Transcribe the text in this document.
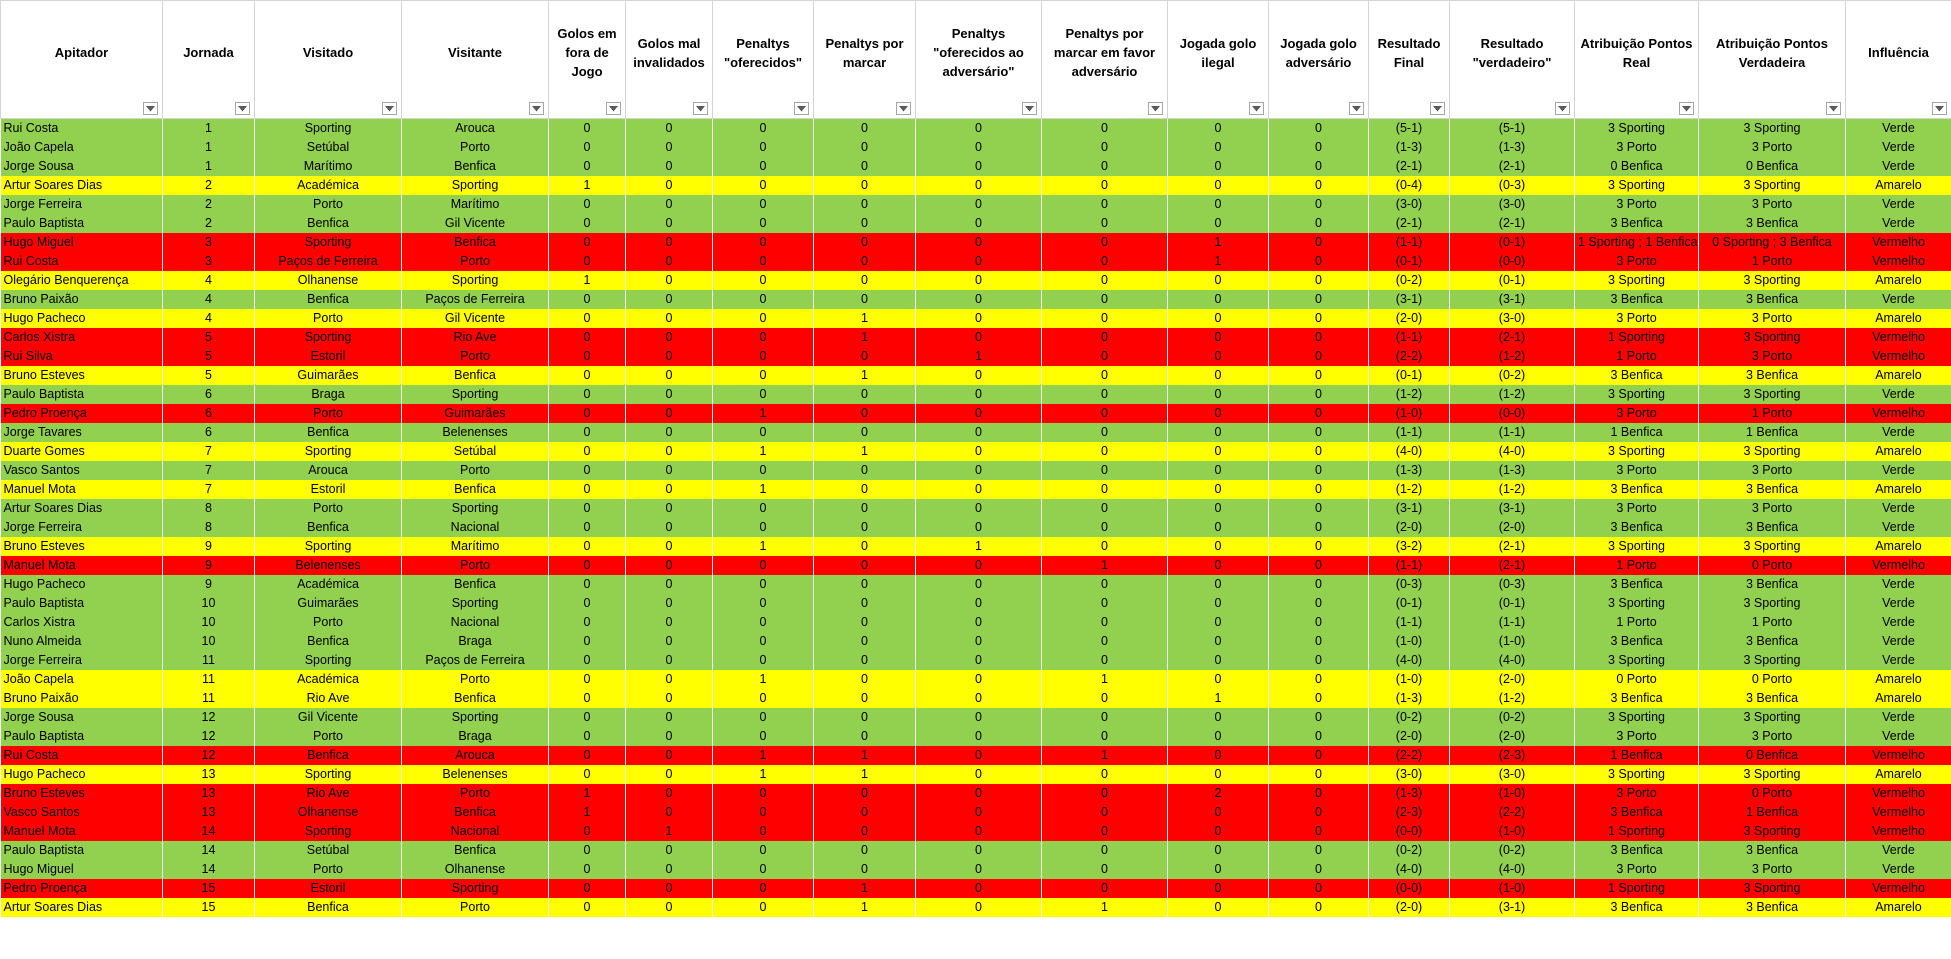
Apitador	Jornada	Visitado	Visitante	Golos em fora de Jogo	Golos mal invalidados	Penaltys "oferecidos"	Penaltys por marcar	Penaltys "oferecidos ao adversário"	Penaltys por marcar em favor adversário	Jogada golo ilegal	Jogada golo adversário	Resultado Final	Resultado "verdadeiro"	Atribuição Pontos Real	Atribuição Pontos Verdadeira	Influência

Rui Costa	1	Sporting	Arouca	0	0	0	0	0	0	0	0	(5-1)	(5-1)	3 Sporting	3 Sporting	Verde
João Capela	1	Setúbal	Porto	0	0	0	0	0	0	0	0	(1-3)	(1-3)	3 Porto	3 Porto	Verde
Jorge Sousa	1	Marítimo	Benfica	0	0	0	0	0	0	0	0	(2-1)	(2-1)	0 Benfica	0 Benfica	Verde
Artur Soares Dias	2	Académica	Sporting	1	0	0	0	0	0	0	0	(0-4)	(0-3)	3 Sporting	3 Sporting	Amarelo
Jorge Ferreira	2	Porto	Marítimo	0	0	0	0	0	0	0	0	(3-0)	(3-0)	3 Porto	3 Porto	Verde
Paulo Baptista	2	Benfica	Gil Vicente	0	0	0	0	0	0	0	0	(2-1)	(2-1)	3 Benfica	3 Benfica	Verde
Hugo Miguel	3	Sporting	Benfica	0	0	0	0	0	0	1	0	(1-1)	(0-1)	1 Sporting ; 1 Benfica	0 Sporting ; 3 Benfica	Vermelho
Rui Costa	3	Paços de Ferreira	Porto	0	0	0	0	0	0	1	0	(0-1)	(0-0)	3 Porto	1 Porto	Vermelho
Olegário Benquerença	4	Olhanense	Sporting	1	0	0	0	0	0	0	0	(0-2)	(0-1)	3 Sporting	3 Sporting	Amarelo
Bruno Paixão	4	Benfica	Paços de Ferreira	0	0	0	0	0	0	0	0	(3-1)	(3-1)	3 Benfica	3 Benfica	Verde
Hugo Pacheco	4	Porto	Gil Vicente	0	0	0	1	0	0	0	0	(2-0)	(3-0)	3 Porto	3 Porto	Amarelo
Carlos Xistra	5	Sporting	Rio Ave	0	0	0	1	0	0	0	0	(1-1)	(2-1)	1 Sporting	3 Sporting	Vermelho
Rui Silva	5	Estoril	Porto	0	0	0	0	1	0	0	0	(2-2)	(1-2)	1 Porto	3 Porto	Vermelho
Bruno Esteves	5	Guimarães	Benfica	0	0	0	1	0	0	0	0	(0-1)	(0-2)	3 Benfica	3 Benfica	Amarelo
Paulo Baptista	6	Braga	Sporting	0	0	0	0	0	0	0	0	(1-2)	(1-2)	3 Sporting	3 Sporting	Verde
Pedro Proença	6	Porto	Guimarães	0	0	1	0	0	0	0	0	(1-0)	(0-0)	3 Porto	1 Porto	Vermelho
Jorge Tavares	6	Benfica	Belenenses	0	0	0	0	0	0	0	0	(1-1)	(1-1)	1 Benfica	1 Benfica	Verde
Duarte Gomes	7	Sporting	Setúbal	0	0	1	1	0	0	0	0	(4-0)	(4-0)	3 Sporting	3 Sporting	Amarelo
Vasco Santos	7	Arouca	Porto	0	0	0	0	0	0	0	0	(1-3)	(1-3)	3 Porto	3 Porto	Verde
Manuel Mota	7	Estoril	Benfica	0	0	1	0	0	0	0	0	(1-2)	(1-2)	3 Benfica	3 Benfica	Amarelo
Artur Soares Dias	8	Porto	Sporting	0	0	0	0	0	0	0	0	(3-1)	(3-1)	3 Porto	3 Porto	Verde
Jorge Ferreira	8	Benfica	Nacional	0	0	0	0	0	0	0	0	(2-0)	(2-0)	3 Benfica	3 Benfica	Verde
Bruno Esteves	9	Sporting	Marítimo	0	0	1	0	1	0	0	0	(3-2)	(2-1)	3 Sporting	3 Sporting	Amarelo
Manuel Mota	9	Belenenses	Porto	0	0	0	0	0	1	0	0	(1-1)	(2-1)	1 Porto	0 Porto	Vermelho
Hugo Pacheco	9	Académica	Benfica	0	0	0	0	0	0	0	0	(0-3)	(0-3)	3 Benfica	3 Benfica	Verde
Paulo Baptista	10	Guimarães	Sporting	0	0	0	0	0	0	0	0	(0-1)	(0-1)	3 Sporting	3 Sporting	Verde
Carlos Xistra	10	Porto	Nacional	0	0	0	0	0	0	0	0	(1-1)	(1-1)	1 Porto	1 Porto	Verde
Nuno Almeida	10	Benfica	Braga	0	0	0	0	0	0	0	0	(1-0)	(1-0)	3 Benfica	3 Benfica	Verde
Jorge Ferreira	11	Sporting	Paços de Ferreira	0	0	0	0	0	0	0	0	(4-0)	(4-0)	3 Sporting	3 Sporting	Verde
João Capela	11	Académica	Porto	0	0	1	0	0	1	0	0	(1-0)	(2-0)	0 Porto	0 Porto	Amarelo
Bruno Paixão	11	Rio Ave	Benfica	0	0	0	0	0	0	1	0	(1-3)	(1-2)	3 Benfica	3 Benfica	Amarelo
Jorge Sousa	12	Gil Vicente	Sporting	0	0	0	0	0	0	0	0	(0-2)	(0-2)	3 Sporting	3 Sporting	Verde
Paulo Baptista	12	Porto	Braga	0	0	0	0	0	0	0	0	(2-0)	(2-0)	3 Porto	3 Porto	Verde
Rui Costa	12	Benfica	Arouca	0	0	1	1	0	1	0	0	(2-2)	(2-3)	1 Benfica	0 Benfica	Vermelho
Hugo Pacheco	13	Sporting	Belenenses	0	0	1	1	0	0	0	0	(3-0)	(3-0)	3 Sporting	3 Sporting	Amarelo
Bruno Esteves	13	Rio Ave	Porto	1	0	0	0	0	0	2	0	(1-3)	(1-0)	3 Porto	0 Porto	Vermelho
Vasco Santos	13	Olhanense	Benfica	1	0	0	0	0	0	0	0	(2-3)	(2-2)	3 Benfica	1 Benfica	Vermelho
Manuel Mota	14	Sporting	Nacional	0	1	0	0	0	0	0	0	(0-0)	(1-0)	1 Sporting	3 Sporting	Vermelho
Paulo Baptista	14	Setúbal	Benfica	0	0	0	0	0	0	0	0	(0-2)	(0-2)	3 Benfica	3 Benfica	Verde
Hugo Miguel	14	Porto	Olhanense	0	0	0	0	0	0	0	0	(4-0)	(4-0)	3 Porto	3 Porto	Verde
Pedro Proença	15	Estoril	Sporting	0	0	0	1	0	0	0	0	(0-0)	(1-0)	1 Sporting	3 Sporting	Vermelho
Artur Soares Dias	15	Benfica	Porto	0	0	0	1	0	1	0	0	(2-0)	(3-1)	3 Benfica	3 Benfica	Amarelo
